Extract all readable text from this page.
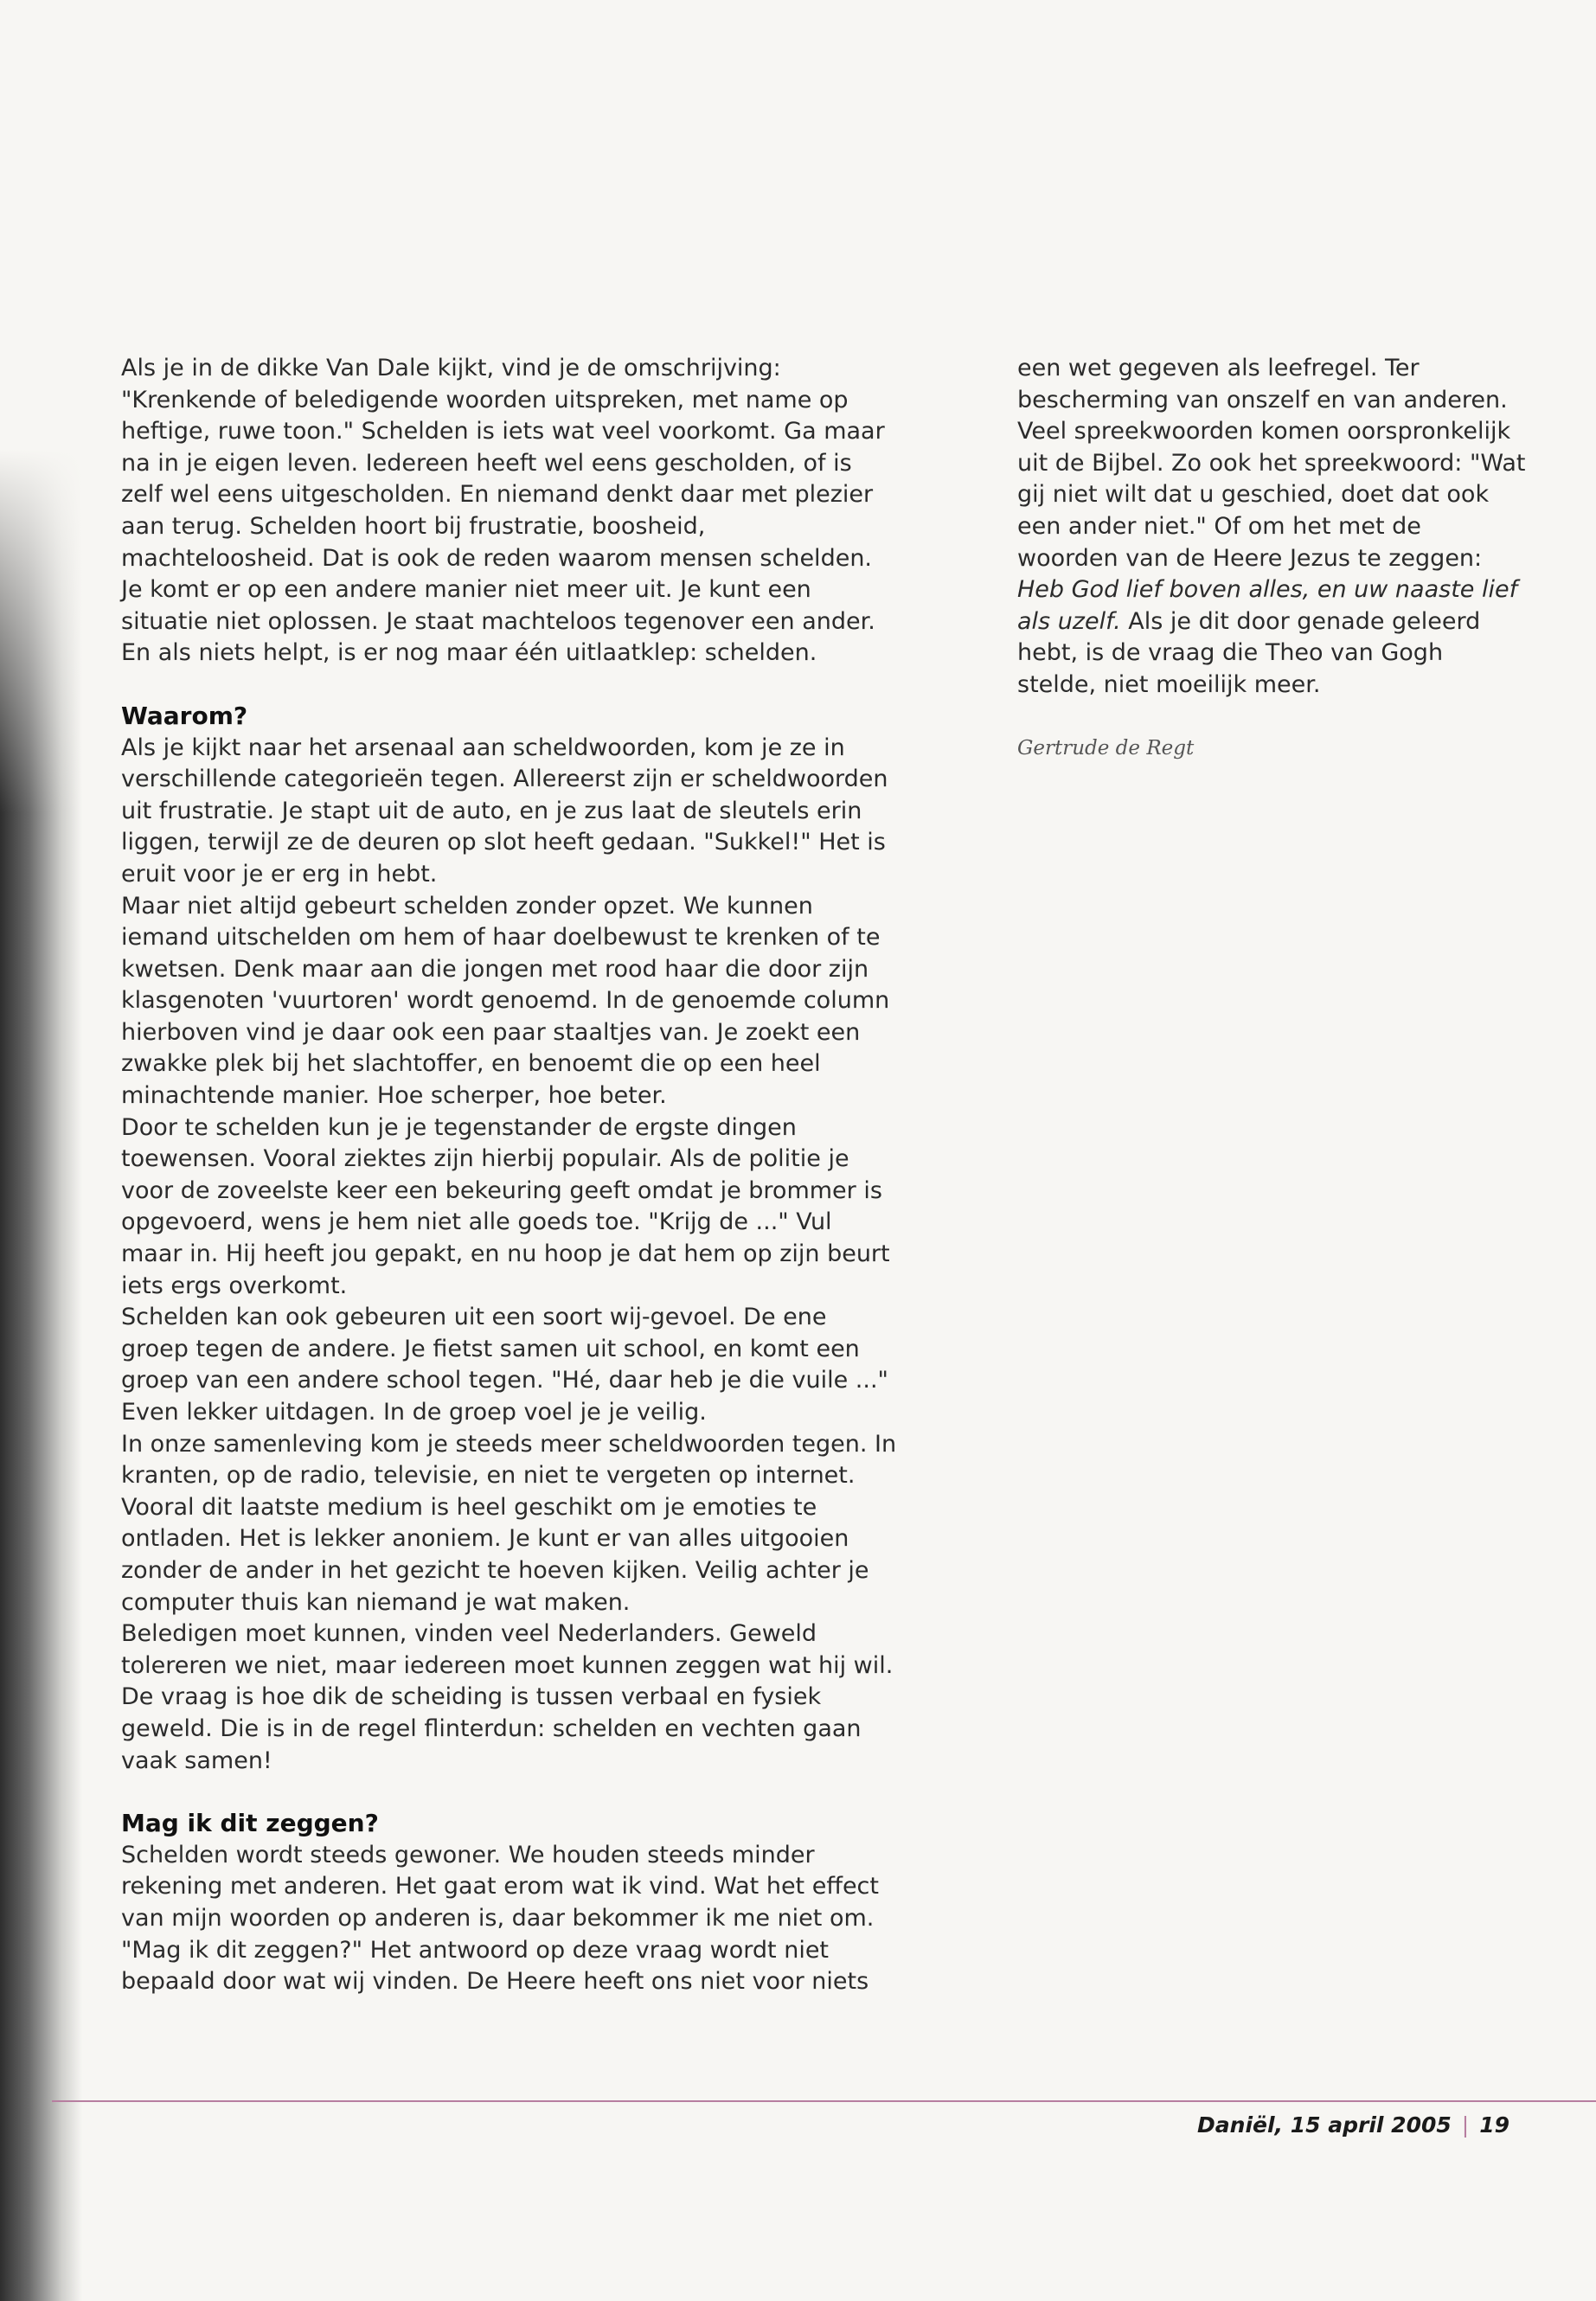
Als je in de dikke Van Dale kijkt, vind je de omschrijving: "Krenkende of beledigende woorden uitspreken, met name op heftige, ruwe toon." Schelden is iets wat veel voorkomt. Ga maar na in je eigen leven. Iedereen heeft wel eens gescholden, of is zelf wel eens uitgescholden. En niemand denkt daar met plezier aan terug. Schelden hoort bij frustratie, boosheid, machteloosheid. Dat is ook de reden waarom mensen schelden. Je komt er op een andere manier niet meer uit. Je kunt een situatie niet oplossen. Je staat machteloos tegenover een ander. En als niets helpt, is er nog maar één uitlaatklep: schelden.

Waarom?

Als je kijkt naar het arsenaal aan scheldwoorden, kom je ze in verschillende categorieën tegen. Allereerst zijn er scheldwoorden uit frustratie. Je stapt uit de auto, en je zus laat de sleutels erin liggen, terwijl ze de deuren op slot heeft gedaan. "Sukkel!" Het is eruit voor je er erg in hebt.

Maar niet altijd gebeurt schelden zonder opzet. We kunnen iemand uitschelden om hem of haar doelbewust te krenken of te kwetsen. Denk maar aan die jongen met rood haar die door zijn klasgenoten 'vuurtoren' wordt genoemd. In de genoemde column hierboven vind je daar ook een paar staaltjes van. Je zoekt een zwakke plek bij het slachtoffer, en benoemt die op een heel minachtende manier. Hoe scherper, hoe beter.

Door te schelden kun je je tegenstander de ergste dingen toewensen. Vooral ziektes zijn hierbij populair. Als de politie je voor de zoveelste keer een bekeuring geeft omdat je brommer is opgevoerd, wens je hem niet alle goeds toe. "Krijg de ..." Vul maar in. Hij heeft jou gepakt, en nu hoop je dat hem op zijn beurt iets ergs overkomt.

Schelden kan ook gebeuren uit een soort wij-gevoel. De ene groep tegen de andere. Je fietst samen uit school, en komt een groep van een andere school tegen. "Hé, daar heb je die vuile ..." Even lekker uitdagen. In de groep voel je je veilig.

In onze samenleving kom je steeds meer scheldwoorden tegen. In kranten, op de radio, televisie, en niet te vergeten op internet. Vooral dit laatste medium is heel geschikt om je emoties te ontladen. Het is lekker anoniem. Je kunt er van alles uitgooien zonder de ander in het gezicht te hoeven kijken. Veilig achter je computer thuis kan niemand je wat maken.

Beledigen moet kunnen, vinden veel Nederlanders. Geweld tolereren we niet, maar iedereen moet kunnen zeggen wat hij wil. De vraag is hoe dik de scheiding is tussen verbaal en fysiek geweld. Die is in de regel flinterdun: schelden en vechten gaan vaak samen!

Mag ik dit zeggen?

Schelden wordt steeds gewoner. We houden steeds minder rekening met anderen. Het gaat erom wat ik vind. Wat het effect van mijn woorden op anderen is, daar bekommer ik me niet om.

"Mag ik dit zeggen?" Het antwoord op deze vraag wordt niet bepaald door wat wij vinden. De Heere heeft ons niet voor niets

een wet gegeven als leefregel. Ter bescherming van onszelf en van anderen.

Veel spreekwoorden komen oorspronkelijk uit de Bijbel. Zo ook het spreekwoord: "Wat gij niet wilt dat u geschied, doet dat ook een ander niet." Of om het met de woorden van de Heere Jezus te zeggen: Heb God lief boven alles, en uw naaste lief als uzelf. Als je dit door genade geleerd hebt, is de vraag die Theo van Gogh stelde, niet moeilijk meer.

Gertrude de Regt

Daniël, 15 april 2005 | 19
